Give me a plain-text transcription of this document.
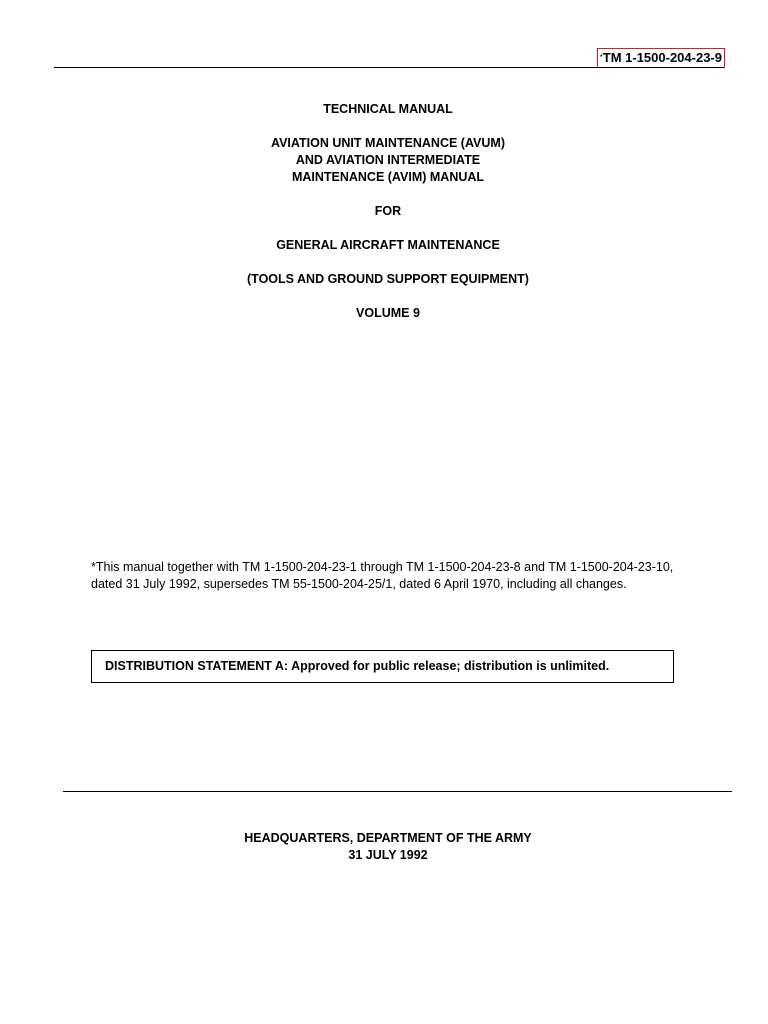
*TM 1-1500-204-23-9
TECHNICAL MANUAL
AVIATION UNIT MAINTENANCE (AVUM)
AND AVIATION INTERMEDIATE
MAINTENANCE (AVIM) MANUAL
FOR
GENERAL AIRCRAFT MAINTENANCE
(TOOLS AND GROUND SUPPORT EQUIPMENT)
VOLUME 9
*This manual together with TM 1-1500-204-23-1 through TM 1-1500-204-23-8 and TM 1-1500-204-23-10, dated 31 July 1992, supersedes TM 55-1500-204-25/1, dated 6 April 1970, including all changes.
DISTRIBUTION STATEMENT A: Approved for public release; distribution is unlimited.
HEADQUARTERS, DEPARTMENT OF THE ARMY
31 JULY 1992
